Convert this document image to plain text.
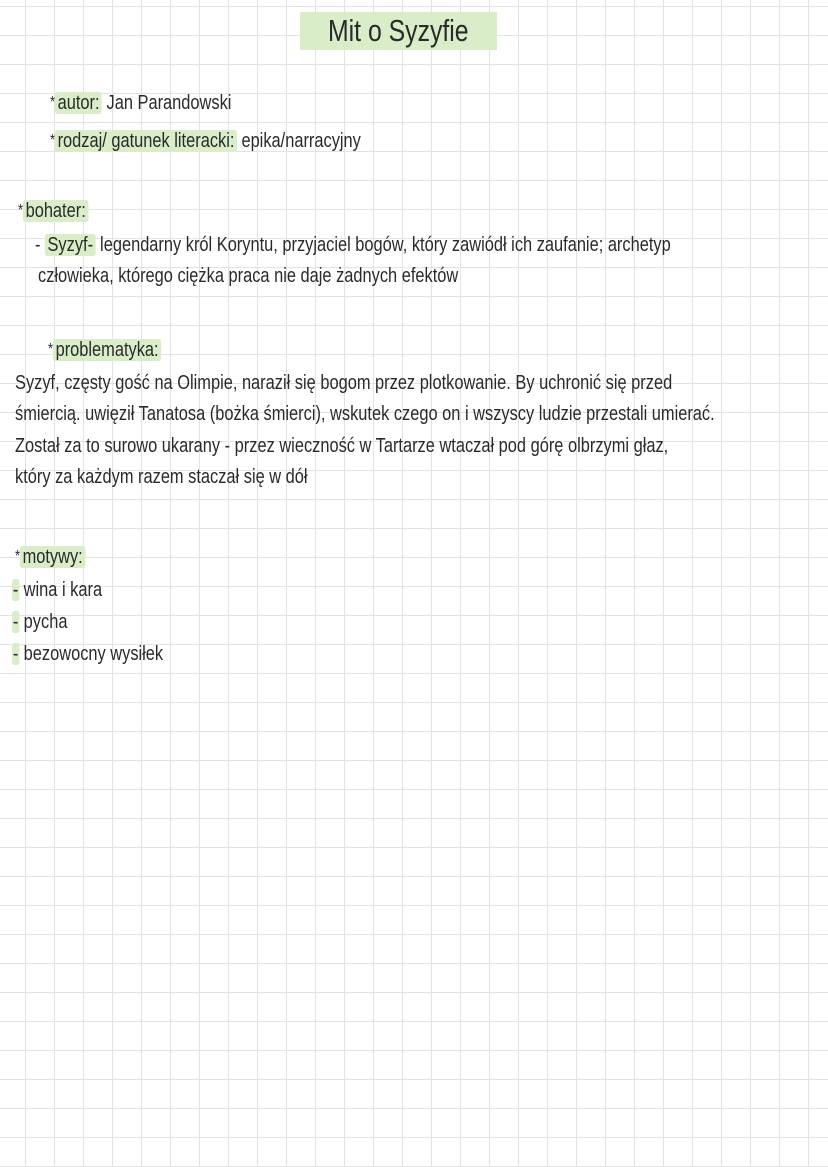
Mit o Syzyfie
* autor: Jan Parandowski
* rodzaj/ gatunek literacki: epika/narracyjny
* bohater:
- Syzyf- legendarny król Koryntu, przyjaciel bogów, który zawiódł ich zaufanie; archetyp
człowieka, którego ciężka praca nie daje żadnych efektów
* problematyka:
Syzyf, częsty gość na Olimpie, naraził się bogom przez plotkowanie. By uchronić się przed
śmiercią. uwięził Tanatosa (bożka śmierci), wskutek czego on i wszyscy ludzie przestali umierać.
Został za to surowo ukarany - przez wieczność w Tartarze wtaczał pod górę olbrzymi głaz,
który za każdym razem staczał się w dół
* motywy:
- wina i kara
- pycha
- bezowocny wysiłek
